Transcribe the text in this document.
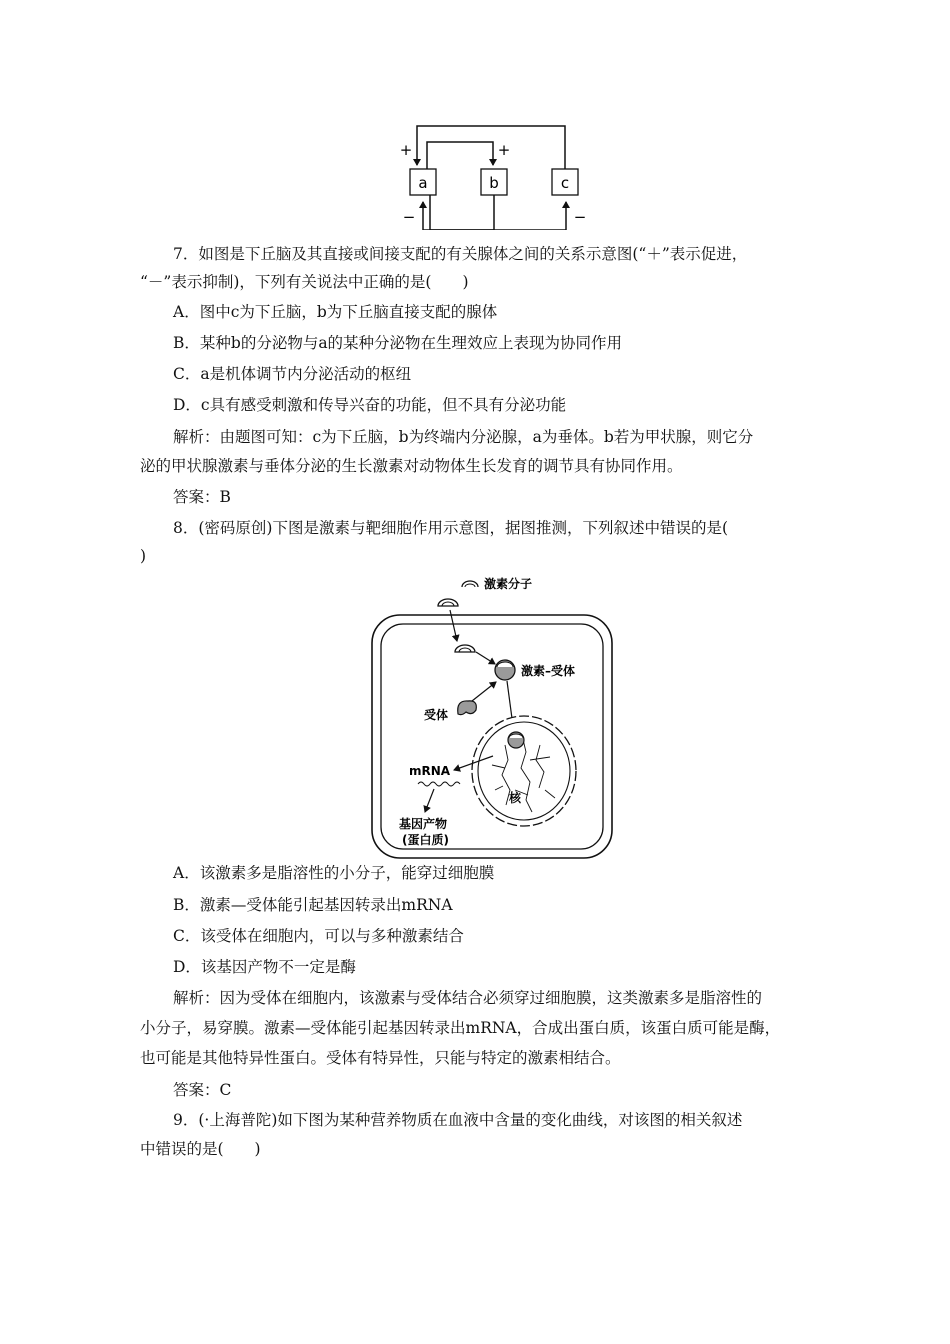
a	b	c
+	+
−	−
7．如图是下丘脑及其直接或间接支配的有关腺体之间的关系示意图(“＋”表示促进，
“－”表示抑制)，下列有关说法中正确的是(　　)
A．图中c为下丘脑，b为下丘脑直接支配的腺体
B．某种b的分泌物与a的某种分泌物在生理效应上表现为协同作用
C．a是机体调节内分泌活动的枢纽
D．c具有感受刺激和传导兴奋的功能，但不具有分泌功能
解析：由题图可知：c为下丘脑，b为终端内分泌腺，a为垂体。b若为甲状腺，则它分
泌的甲状腺激素与垂体分泌的生长激素对动物体生长发育的调节具有协同作用。
答案：B
8．(密码原创)下图是激素与靶细胞作用示意图，据图推测，下列叙述中错误的是(
)
激素分子
激素–受体
受体
核
mRNA
基因产物
(蛋白质)
A．该激素多是脂溶性的小分子，能穿过细胞膜
B．激素—受体能引起基因转录出mRNA
C．该受体在细胞内，可以与多种激素结合
D．该基因产物不一定是酶
解析：因为受体在细胞内，该激素与受体结合必须穿过细胞膜，这类激素多是脂溶性的
小分子，易穿膜。激素—受体能引起基因转录出mRNA，合成出蛋白质，该蛋白质可能是酶，
也可能是其他特异性蛋白。受体有特异性，只能与特定的激素相结合。
答案：C
9．(·上海普陀)如下图为某种营养物质在血液中含量的变化曲线，对该图的相关叙述
中错误的是(　　)
